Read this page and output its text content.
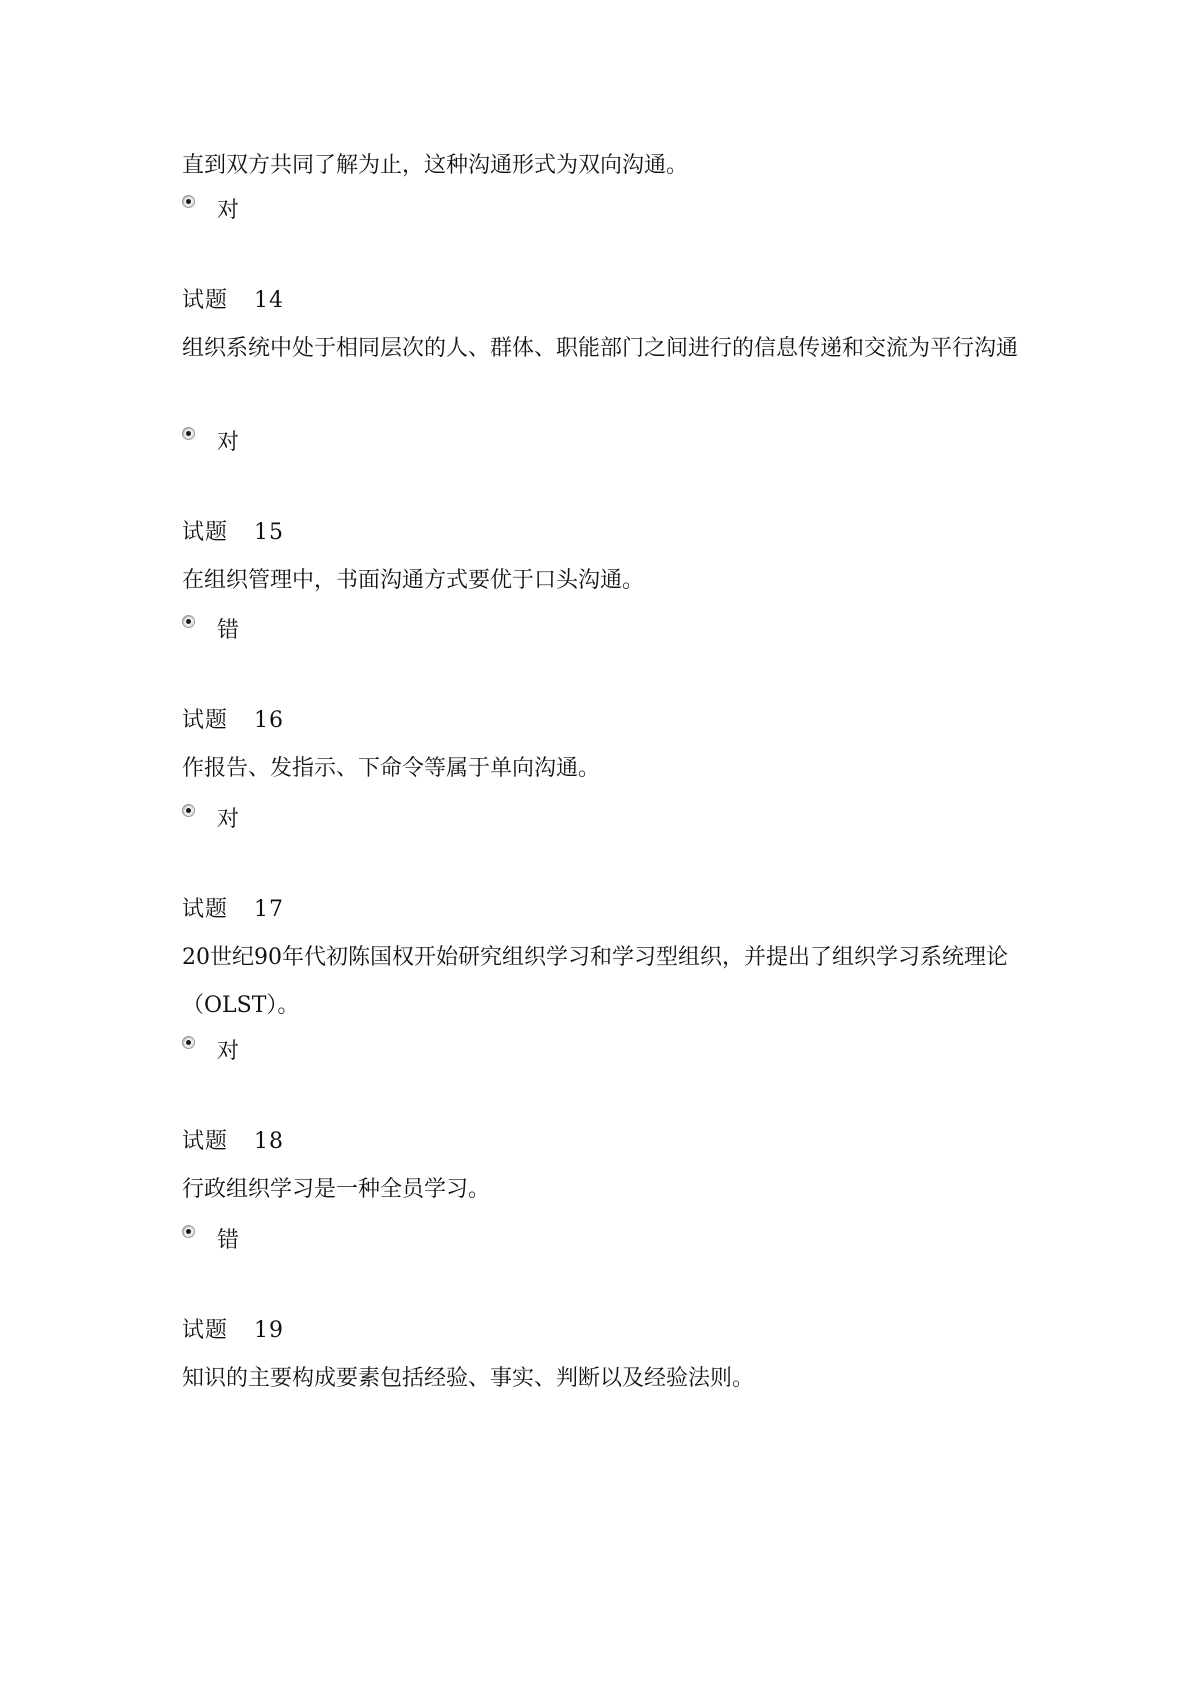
直到双方共同了解为止，这种沟通形式为双向沟通。
对
试题 14
组织系统中处于相同层次的人、群体、职能部门之间进行的信息传递和交流为平行沟通
对
试题 15
在组织管理中，书面沟通方式要优于口头沟通。
错
试题 16
作报告、发指示、下命令等属于单向沟通。
对
试题 17
20世纪90年代初陈国权开始研究组织学习和学习型组织，并提出了组织学习系统理论（OLST）。
对
试题 18
行政组织学习是一种全员学习。
错
试题 19
知识的主要构成要素包括经验、事实、判断以及经验法则。
